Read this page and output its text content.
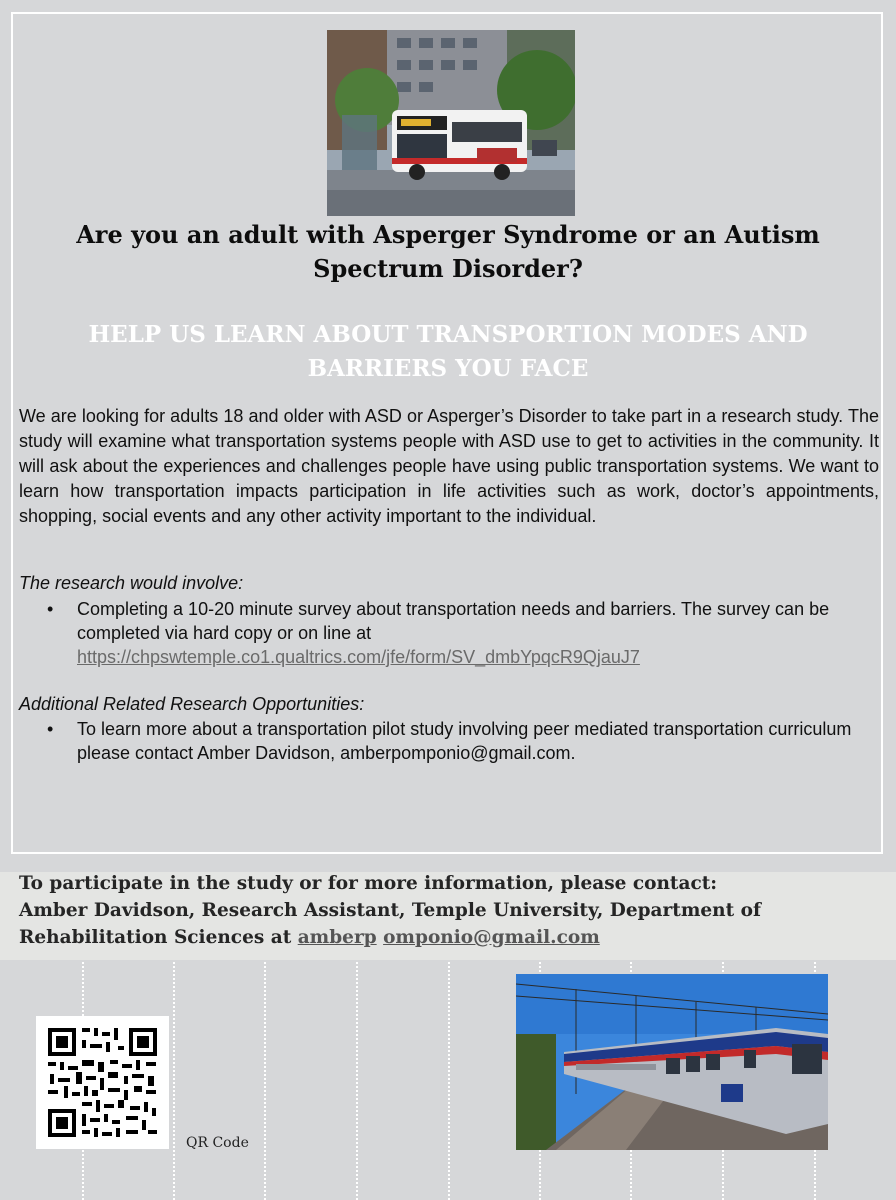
Are you an adult with Asperger Syndrome or an Autism
Spectrum Disorder?
HELP US LEARN ABOUT TRANSPORTION MODES AND
BARRIERS YOU FACE
We are looking for adults 18 and older with ASD or Asperger’s Disorder to take part in a research study. The study will examine what transportation systems people with ASD use to get to activities in the community. It will ask about the experiences and challenges people have using public transportation systems. We want to learn how transportation impacts participation in life activities such as work, doctor’s appointments, shopping, social events and any other activity important to the individual.
The research would involve:
•	Completing a 10-20 minute survey about transportation needs and barriers. The survey can be completed via hard copy or on line at
https://chpswtemple.co1.qualtrics.com/jfe/form/SV_dmbYpqcR9QjauJ7
Additional Related Research Opportunities:
•	To learn more about a transportation pilot study involving peer mediated transportation curriculum please contact Amber Davidson, amberpomponio@gmail.com.
To participate in the study or for more information, please contact:
Amber Davidson, Research Assistant, Temple University, Department of
Rehabilitation Sciences at amberp omponio@gmail.com
QR Code
